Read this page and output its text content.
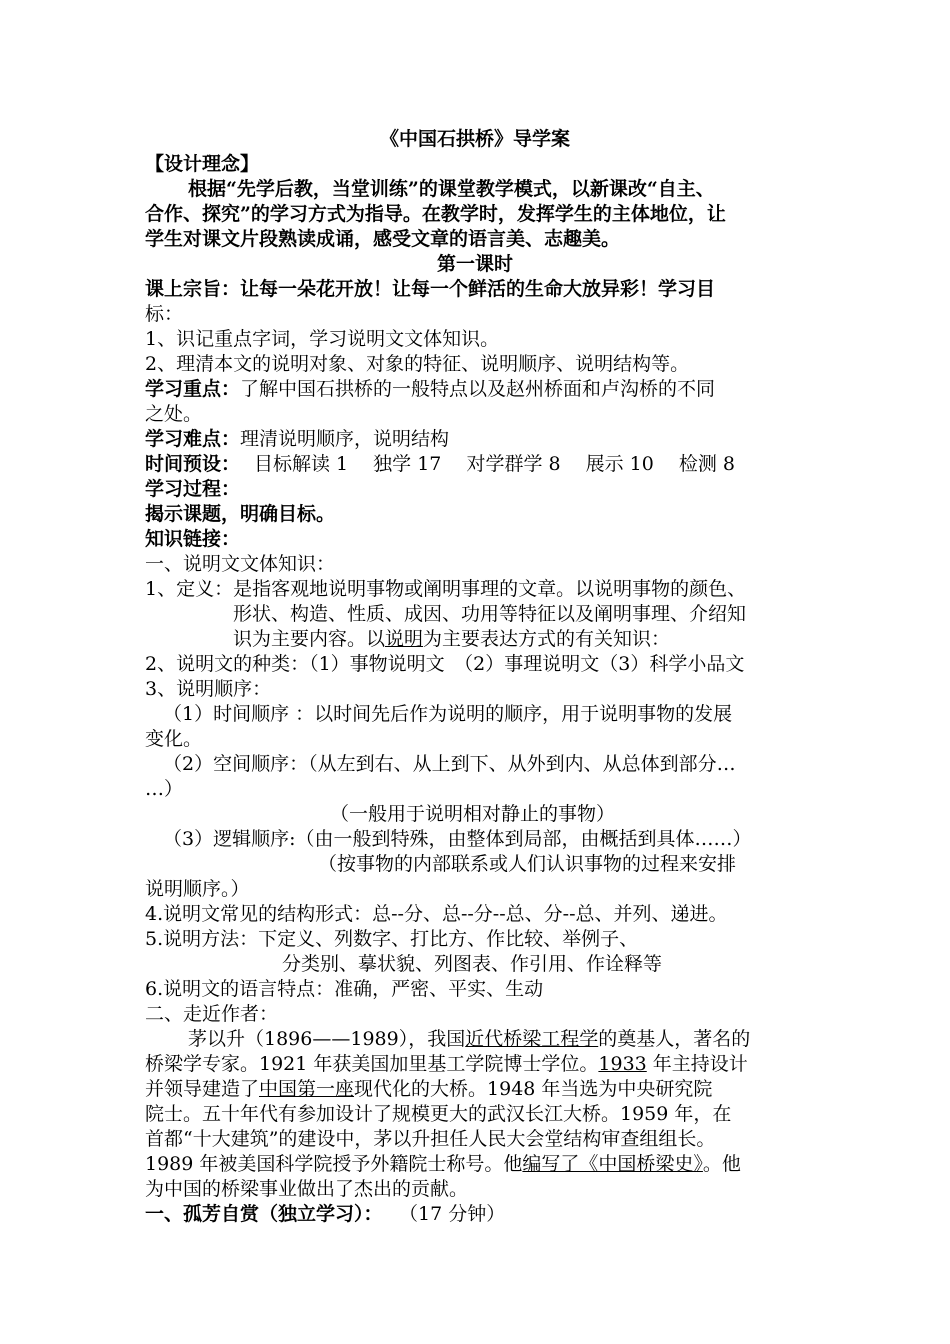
《中国石拱桥》导学案
【设计理念】
根据“先学后教，当堂训练”的课堂教学模式，以新课改“自主、
合作、探究”的学习方式为指导。在教学时，发挥学生的主体地位，让
学生对课文片段熟读成诵，感受文章的语言美、志趣美。
第一课时
课上宗旨：让每一朵花开放！让每一个鲜活的生命大放异彩！学习目
标：
1、识记重点字词，学习说明文文体知识。
2、理清本文的说明对象、对象的特征、说明顺序、说明结构等。
学习重点：了解中国石拱桥的一般特点以及赵州桥面和卢沟桥的不同
之处。
学习难点：理清说明顺序，说明结构
时间预设： 目标解读 1　 独学 17　 对学群学 8　 展示 10　 检测 8
学习过程：
揭示课题，明确目标。
知识链接：
一、说明文文体知识：
1、定义：是指客观地说明事物或阐明事理的文章。以说明事物的颜色、
形状、构造、性质、成因、功用等特征以及阐明事理、介绍知
识为主要内容。以说明为主要表达方式的有关知识：
2、说明文的种类：（1）事物说明文　（2）事理说明文（3）科学小品文
3、说明顺序：
（1）时间顺序 ：以时间先后作为说明的顺序，用于说明事物的发展
变化。
（2）空间顺序：（从左到右、从上到下、从外到内、从总体到部分…
…）
（一般用于说明相对静止的事物）
（3）逻辑顺序:（由一般到特殊，由整体到局部，由概括到具体……）
（按事物的内部联系或人们认识事物的过程来安排
说明顺序。）
4.说明文常见的结构形式：总--分、总--分--总、分--总、并列、递进。
5.说明方法：下定义、列数字、打比方、作比较、举例子、
分类别、摹状貌、列图表、作引用、作诠释等
6.说明文的语言特点：准确，严密、平实、生动
二、走近作者：
茅以升（1896——1989），我国近代桥梁工程学的奠基人，著名的
桥梁学专家。1921 年获美国加里基工学院博士学位。1933 年主持设计
并领导建造了中国第一座现代化的大桥。1948 年当选为中央研究院
院士。五十年代有参加设计了规模更大的武汉长江大桥。1959 年，在
首都“十大建筑”的建设中，茅以升担任人民大会堂结构审查组组长。
1989 年被美国科学院授予外籍院士称号。他编写了《中国桥梁史》。他
为中国的桥梁事业做出了杰出的贡献。
一、孤芳自赏（独立学习）： （17 分钟）
